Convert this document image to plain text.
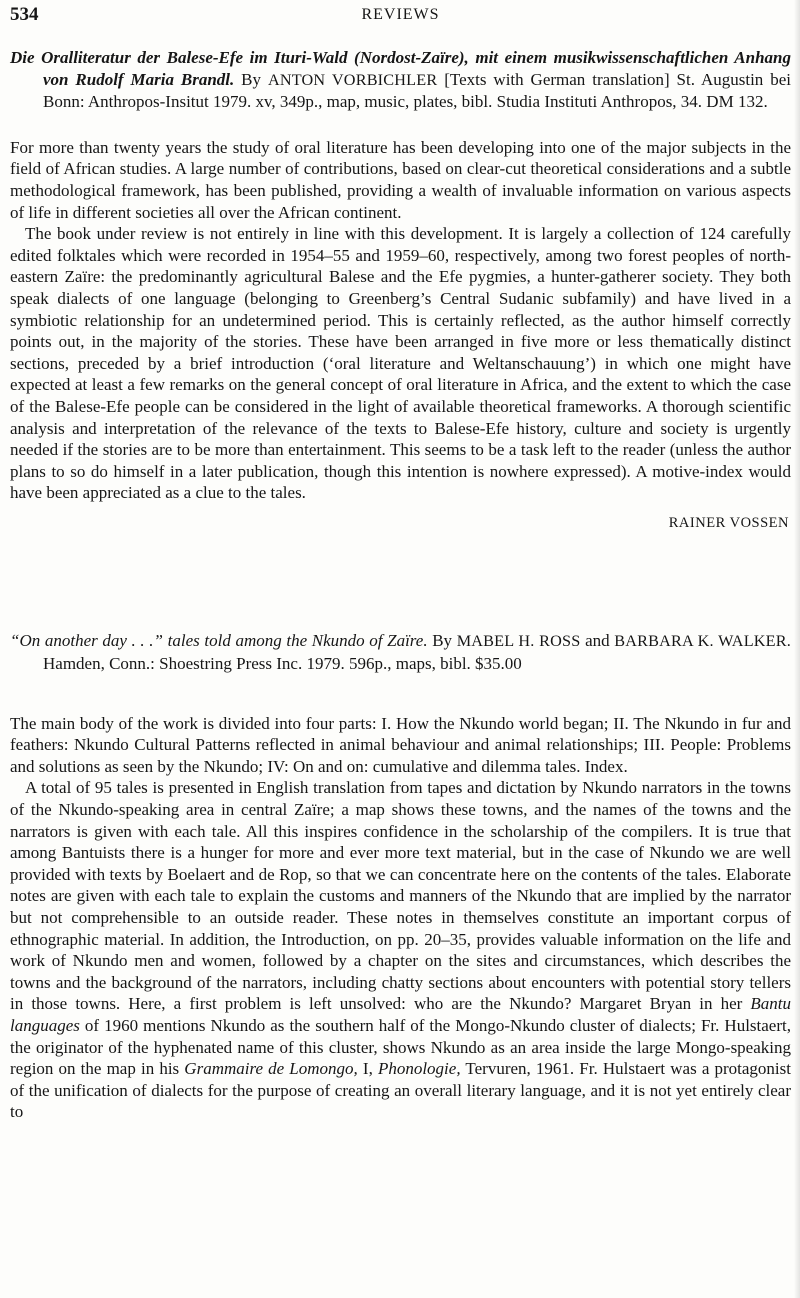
534	REVIEWS

Die Oralliteratur der Balese-Efe im Ituri-Wald (Nordost-Zaïre), mit einem musikwissenschaftlichen Anhang von Rudolf Maria Brandl. By ANTON VORBICHLER [Texts with German translation] St. Augustin bei Bonn: Anthropos-Insitut 1979. xv, 349p., map, music, plates, bibl. Studia Instituti Anthropos, 34. DM 132.

For more than twenty years the study of oral literature has been developing into one of the major subjects in the field of African studies. A large number of contributions, based on clear-cut theoretical considerations and a subtle methodological framework, has been published, providing a wealth of invaluable information on various aspects of life in different societies all over the African continent.

The book under review is not entirely in line with this development. It is largely a collection of 124 carefully edited folktales which were recorded in 1954–55 and 1959–60, respectively, among two forest peoples of north-eastern Zaïre: the predominantly agricultural Balese and the Efe pygmies, a hunter-gatherer society. They both speak dialects of one language (belonging to Greenberg’s Central Sudanic subfamily) and have lived in a symbiotic relationship for an undetermined period. This is certainly reflected, as the author himself correctly points out, in the majority of the stories. These have been arranged in five more or less thematically distinct sections, preceded by a brief introduction (‘oral literature and Weltanschauung’) in which one might have expected at least a few remarks on the general concept of oral literature in Africa, and the extent to which the case of the Balese-Efe people can be considered in the light of available theoretical frameworks. A thorough scientific analysis and interpretation of the relevance of the texts to Balese-Efe history, culture and society is urgently needed if the stories are to be more than entertainment. This seems to be a task left to the reader (unless the author plans to so do himself in a later publication, though this intention is nowhere expressed). A motive-index would have been appreciated as a clue to the tales.

RAINER VOSSEN

“On another day . . .” tales told among the Nkundo of Zaïre. By MABEL H. ROSS and BARBARA K. WALKER. Hamden, Conn.: Shoestring Press Inc. 1979. 596p., maps, bibl. $35.00

The main body of the work is divided into four parts: I. How the Nkundo world began; II. The Nkundo in fur and feathers: Nkundo Cultural Patterns reflected in animal behaviour and animal relationships; III. People: Problems and solutions as seen by the Nkundo; IV: On and on: cumulative and dilemma tales. Index.

A total of 95 tales is presented in English translation from tapes and dictation by Nkundo narrators in the towns of the Nkundo-speaking area in central Zaïre; a map shows these towns, and the names of the towns and the narrators is given with each tale. All this inspires confidence in the scholarship of the compilers. It is true that among Bantuists there is a hunger for more and ever more text material, but in the case of Nkundo we are well provided with texts by Boelaert and de Rop, so that we can concentrate here on the contents of the tales. Elaborate notes are given with each tale to explain the customs and manners of the Nkundo that are implied by the narrator but not comprehensible to an outside reader. These notes in themselves constitute an important corpus of ethnographic material. In addition, the Introduction, on pp. 20–35, provides valuable information on the life and work of Nkundo men and women, followed by a chapter on the sites and circumstances, which describes the towns and the background of the narrators, including chatty sections about encounters with potential story tellers in those towns. Here, a first problem is left unsolved: who are the Nkundo? Margaret Bryan in her Bantu languages of 1960 mentions Nkundo as the southern half of the Mongo-Nkundo cluster of dialects; Fr. Hulstaert, the originator of the hyphenated name of this cluster, shows Nkundo as an area inside the large Mongo-speaking region on the map in his Grammaire de Lomongo, I, Phonologie, Tervuren, 1961. Fr. Hulstaert was a protagonist of the unification of dialects for the purpose of creating an overall literary language, and it is not yet entirely clear to
